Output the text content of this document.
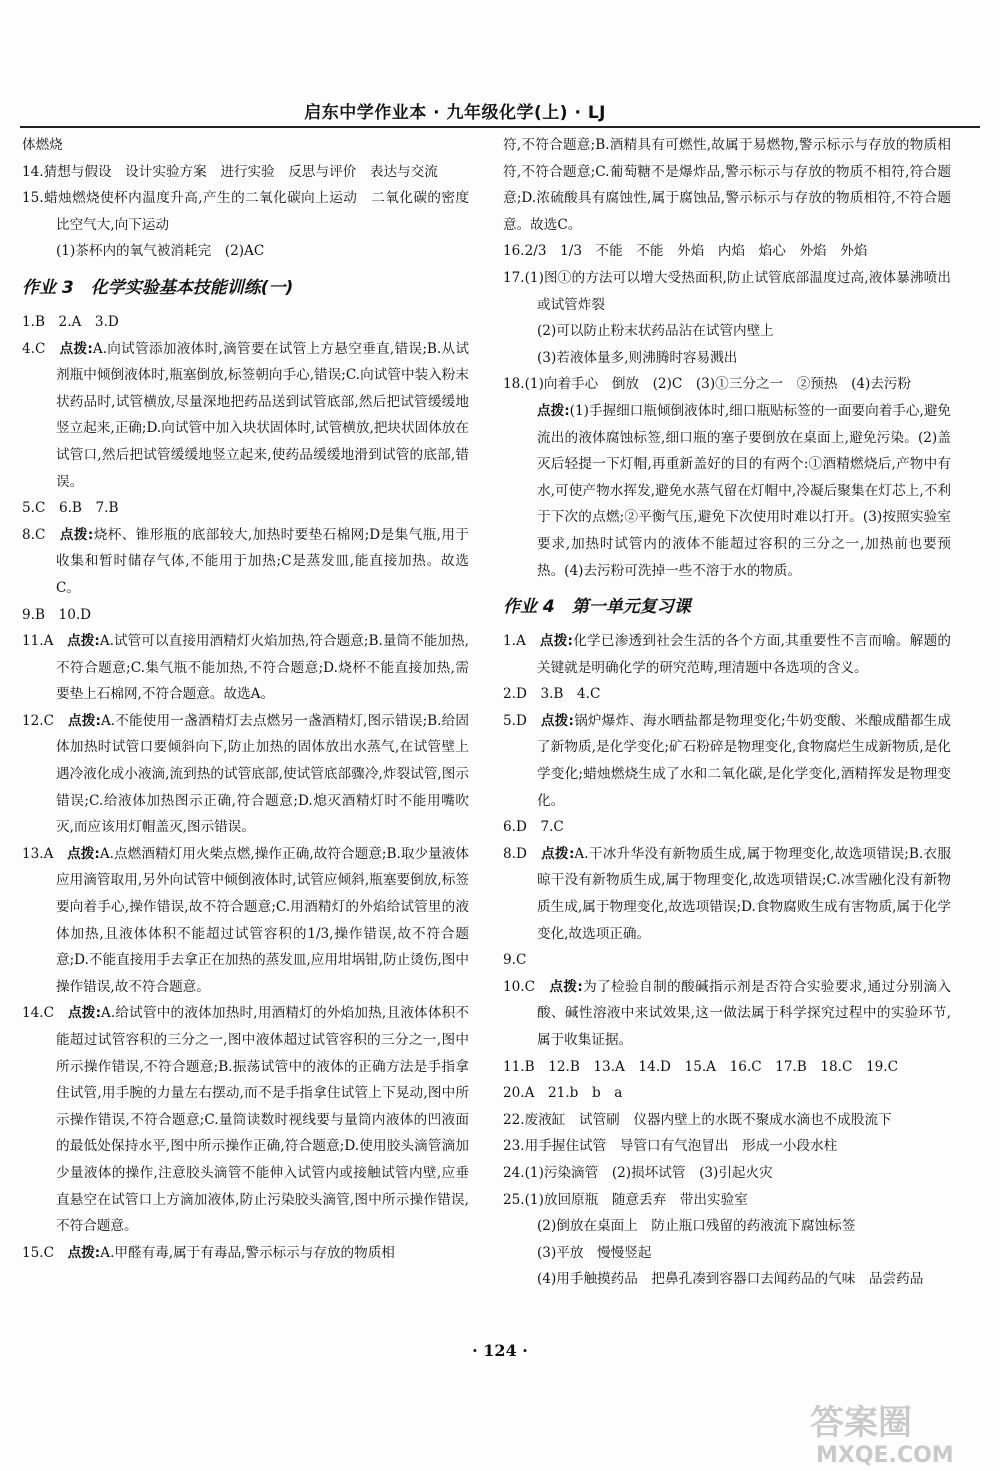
启东中学作业本 · 九年级化学(上) · LJ

体燃烧

14.猜想与假设　设计实验方案　进行实验　反思与评价　表达与交流

15.蜡烛燃烧使杯内温度升高,产生的二氧化碳向上运动　二氧化碳的密度比空气大,向下运动

(1)茶杯内的氧气被消耗完　(2)AC

作业 3　化学实验基本技能训练(一)

1.B　2.A　3.D

4.C　点拨:A.向试管添加液体时,滴管要在试管上方悬空垂直,错误;B.从试剂瓶中倾倒液体时,瓶塞倒放,标签朝向手心,错误;C.向试管中装入粉末状药品时,试管横放,尽量深地把药品送到试管底部,然后把试管缓缓地竖立起来,正确;D.向试管中加入块状固体时,试管横放,把块状固体放在试管口,然后把试管缓缓地竖立起来,使药品缓缓地滑到试管的底部,错误。

5.C　6.B　7.B

8.C　点拨:烧杯、锥形瓶的底部较大,加热时要垫石棉网;D是集气瓶,用于收集和暂时储存气体,不能用于加热;C是蒸发皿,能直接加热。故选C。

9.B　10.D

11.A　点拨:A.试管可以直接用酒精灯火焰加热,符合题意;B.量筒不能加热,不符合题意;C.集气瓶不能加热,不符合题意;D.烧杯不能直接加热,需要垫上石棉网,不符合题意。故选A。

12.C　点拨:A.不能使用一盏酒精灯去点燃另一盏酒精灯,图示错误;B.给固体加热时试管口要倾斜向下,防止加热的固体放出水蒸气,在试管壁上遇冷液化成小液滴,流到热的试管底部,使试管底部骤冷,炸裂试管,图示错误;C.给液体加热图示正确,符合题意;D.熄灭酒精灯时不能用嘴吹灭,而应该用灯帽盖灭,图示错误。

13.A　点拨:A.点燃酒精灯用火柴点燃,操作正确,故符合题意;B.取少量液体应用滴管取用,另外向试管中倾倒液体时,试管应倾斜,瓶塞要倒放,标签要向着手心,操作错误,故不符合题意;C.用酒精灯的外焰给试管里的液体加热,且液体体积不能超过试管容积的1/3,操作错误,故不符合题意;D.不能直接用手去拿正在加热的蒸发皿,应用坩埚钳,防止烫伤,图中操作错误,故不符合题意。

14.C　点拨:A.给试管中的液体加热时,用酒精灯的外焰加热,且液体体积不能超过试管容积的三分之一,图中液体超过试管容积的三分之一,图中所示操作错误,不符合题意;B.振荡试管中的液体的正确方法是手指拿住试管,用手腕的力量左右摆动,而不是手指拿住试管上下晃动,图中所示操作错误,不符合题意;C.量筒读数时视线要与量筒内液体的凹液面的最低处保持水平,图中所示操作正确,符合题意;D.使用胶头滴管滴加少量液体的操作,注意胶头滴管不能伸入试管内或接触试管内壁,应垂直悬空在试管口上方滴加液体,防止污染胶头滴管,图中所示操作错误,不符合题意。

15.C　点拨:A.甲醛有毒,属于有毒品,警示标示与存放的物质相

符,不符合题意;B.酒精具有可燃性,故属于易燃物,警示标示与存放的物质相符,不符合题意;C.葡萄糖不是爆炸品,警示标示与存放的物质不相符,符合题意;D.浓硫酸具有腐蚀性,属于腐蚀品,警示标示与存放的物质相符,不符合题意。故选C。

16.2/3　1/3　不能　不能　外焰　内焰　焰心　外焰　外焰

17.(1)图①的方法可以增大受热面积,防止试管底部温度过高,液体暴沸喷出或试管炸裂

(2)可以防止粉末状药品沾在试管内壁上

(3)若液体量多,则沸腾时容易溅出

18.(1)向着手心　倒放　(2)C　(3)①三分之一　②预热　(4)去污粉

点拨:(1)手握细口瓶倾倒液体时,细口瓶贴标签的一面要向着手心,避免流出的液体腐蚀标签,细口瓶的塞子要倒放在桌面上,避免污染。(2)盖灭后轻提一下灯帽,再重新盖好的目的有两个:①酒精燃烧后,产物中有水,可使产物水挥发,避免水蒸气留在灯帽中,冷凝后聚集在灯芯上,不利于下次的点燃;②平衡气压,避免下次使用时难以打开。(3)按照实验室要求,加热时试管内的液体不能超过容积的三分之一,加热前也要预热。(4)去污粉可洗掉一些不溶于水的物质。

作业 4　第一单元复习课

1.A　点拨:化学已渗透到社会生活的各个方面,其重要性不言而喻。解题的关键就是明确化学的研究范畴,理清题中各选项的含义。

2.D　3.B　4.C

5.D　点拨:锅炉爆炸、海水晒盐都是物理变化;牛奶变酸、米酿成醋都生成了新物质,是化学变化;矿石粉碎是物理变化,食物腐烂生成新物质,是化学变化;蜡烛燃烧生成了水和二氧化碳,是化学变化,酒精挥发是物理变化。

6.D　7.C

8.D　点拨:A.干冰升华没有新物质生成,属于物理变化,故选项错误;B.衣服晾干没有新物质生成,属于物理变化,故选项错误;C.冰雪融化没有新物质生成,属于物理变化,故选项错误;D.食物腐败生成有害物质,属于化学变化,故选项正确。

9.C

10.C　点拨:为了检验自制的酸碱指示剂是否符合实验要求,通过分别滴入酸、碱性溶液中来试效果,这一做法属于科学探究过程中的实验环节,属于收集证据。

11.B　12.B　13.A　14.D　15.A　16.C　17.B　18.C　19.C

20.A　21.b　b　a

22.废液缸　试管刷　仪器内壁上的水既不聚成水滴也不成股流下

23.用手握住试管　导管口有气泡冒出　形成一小段水柱

24.(1)污染滴管　(2)损坏试管　(3)引起火灾

25.(1)放回原瓶　随意丢弃　带出实验室

(2)倒放在桌面上　防止瓶口残留的药液流下腐蚀标签

(3)平放　慢慢竖起

(4)用手触摸药品　把鼻孔凑到容器口去闻药品的气味　品尝药品

· 124 ·
答案圈
MXQE.COM
